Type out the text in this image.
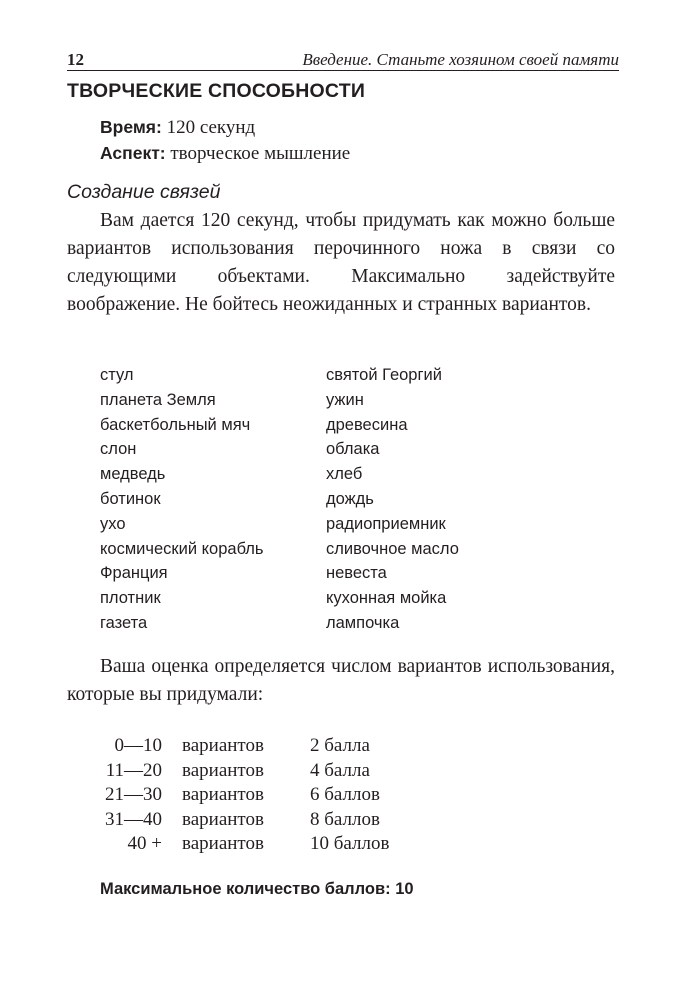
12	Введение. Станьте хозяином своей памяти
ТВОРЧЕСКИЕ СПОСОБНОСТИ
Время: 120 секунд
Аспект: творческое мышление
Создание связей

Вам дается 120 секунд, чтобы придумать как можно больше вариантов использования перочинного ножа в связи со следующими объектами. Максимально задействуйте воображение. Не бойтесь неожиданных и странных вариантов.

стул	святой Георгий
планета Земля	ужин
баскетбольный мяч	древесина
слон	облака
медведь	хлеб
ботинок	дождь
ухо	радиоприемник
космический корабль	сливочное масло
Франция	невеста
плотник	кухонная мойка
газета	лампочка

Ваша оценка определяется числом вариантов использования, которые вы придумали:

0—10	вариантов	2 балла
11—20	вариантов	4 балла
21—30	вариантов	6 баллов
31—40	вариантов	8 баллов
40 +	вариантов	10 баллов
Максимальное количество баллов: 10
